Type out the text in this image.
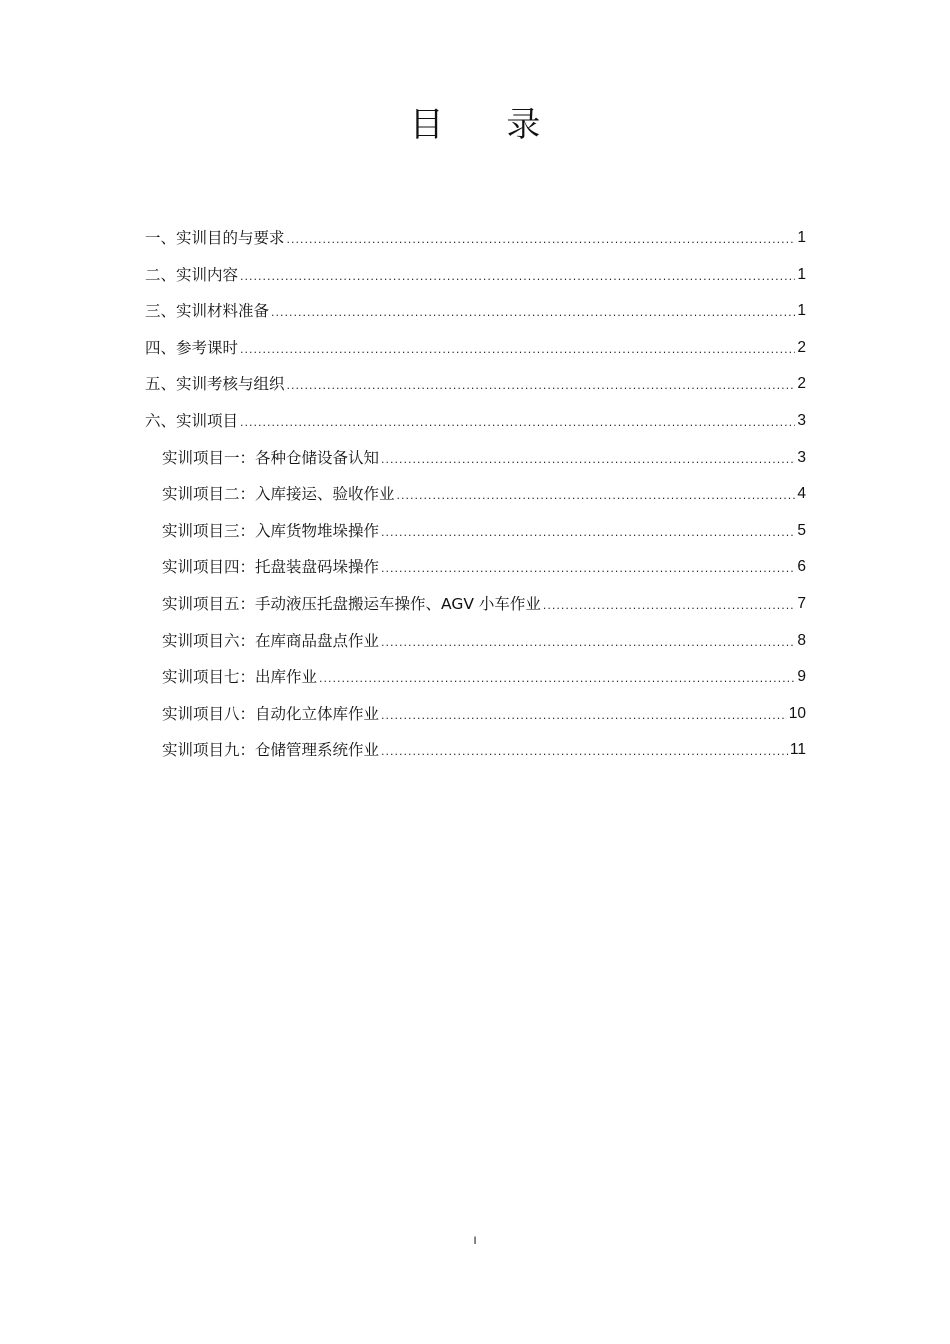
目 录
一、实训目的与要求 .....	1
二、实训内容 .....	1
三、实训材料准备 .....	1
四、参考课时 .....	2
五、实训考核与组织 .....	2
六、实训项目 .....	3
实训项目一：各种仓储设备认知 .....	3
实训项目二：入库接运、验收作业 .....	4
实训项目三：入库货物堆垛操作 .....	5
实训项目四：托盘装盘码垛操作 .....	6
实训项目五：手动液压托盘搬运车操作、AGV 小车作业 .....	7
实训项目六：在库商品盘点作业 .....	8
实训项目七：出库作业 .....	9
实训项目八：自动化立体库作业 .....	10
实训项目九：仓储管理系统作业 .....	11
I
